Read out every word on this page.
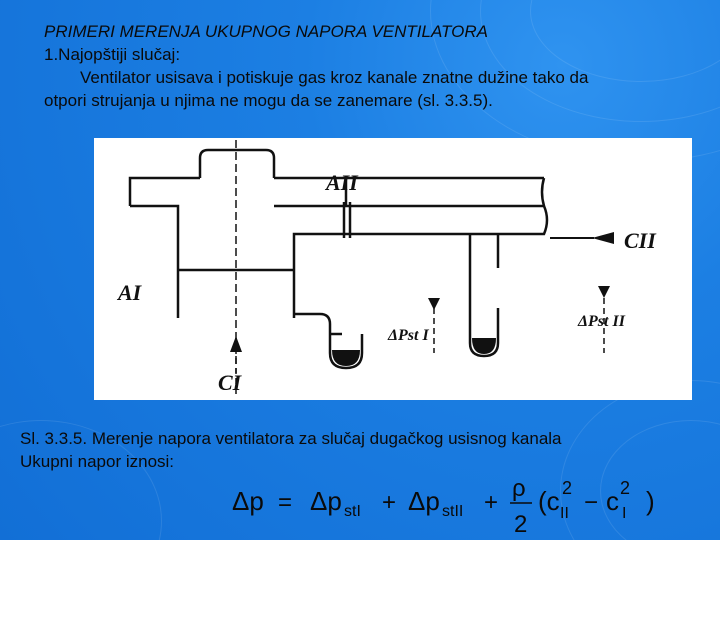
PRIMERI MERENJA UKUPNOG NAPORA VENTILATORA
1.Najopštiji slučaj:
Ventilator usisava i potiskuje gas kroz kanale znatne dužine tako da
otpori strujanja u njima ne mogu da se zanemare (sl. 3.3.5).
AII
AI
CII
CI
ΔPst I
ΔPst II
Sl. 3.3.5. Merenje napora ventilatora za slučaj dugačkog usisnog kanala
Ukupni napor iznosi:
Δp = Δp stI + Δp stII +
ρ
2
(c 2
II − c 2
I )
